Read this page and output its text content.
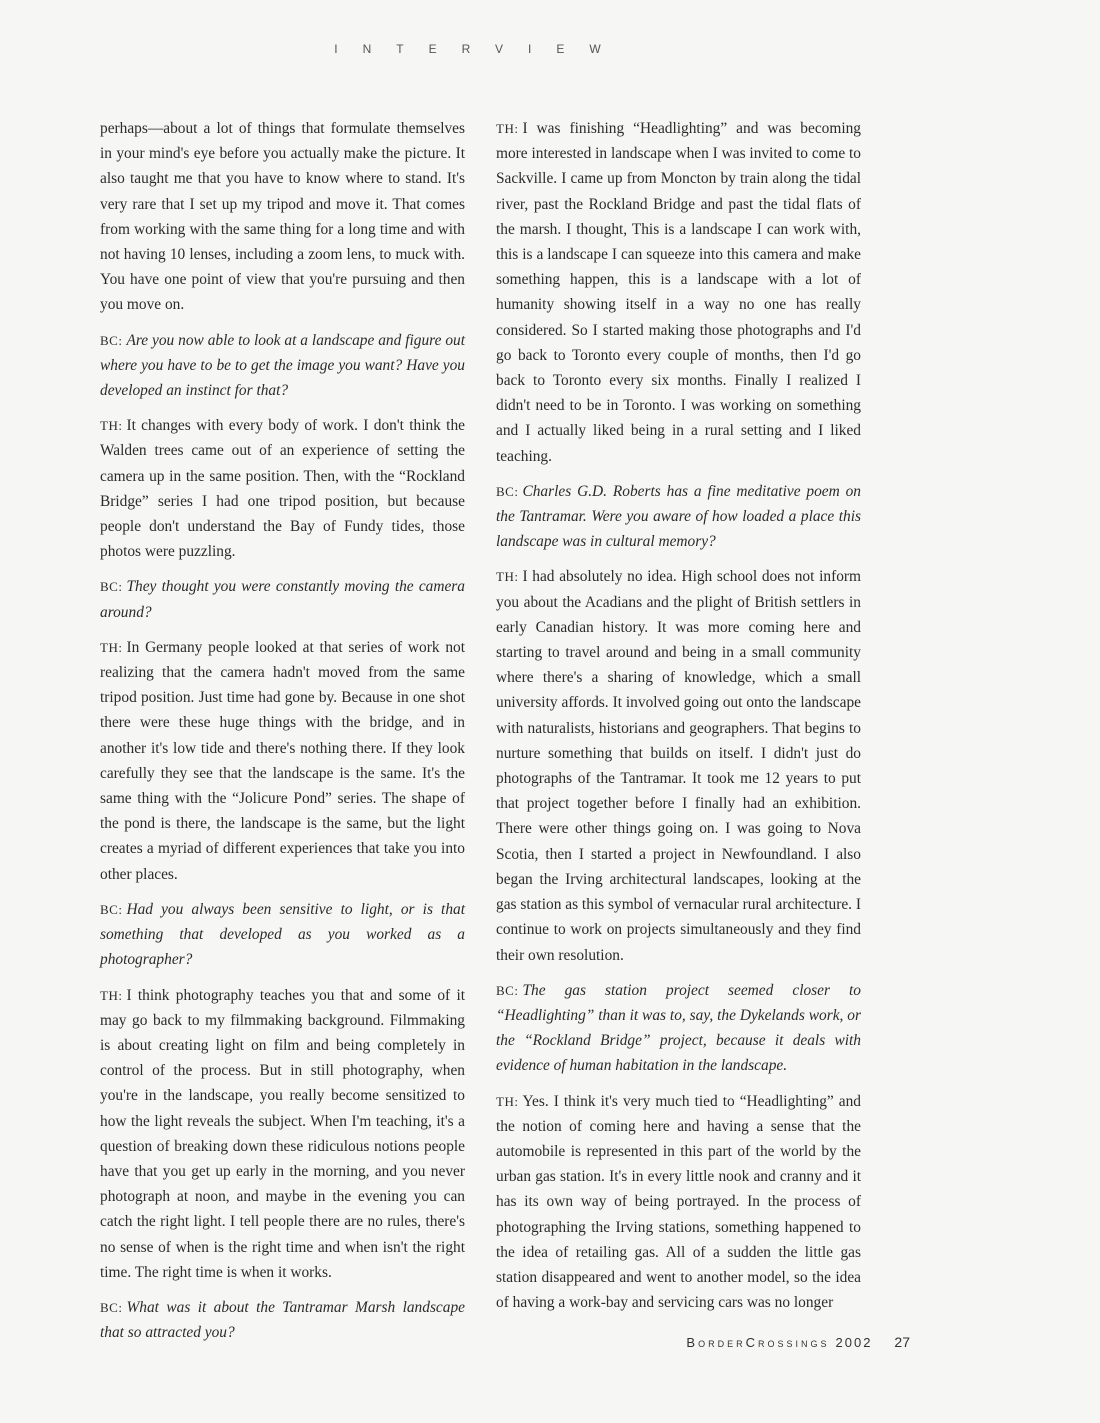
INTERVIEW

perhaps—about a lot of things that formulate themselves in your mind's eye before you actually make the picture. It also taught me that you have to know where to stand. It's very rare that I set up my tripod and move it. That comes from working with the same thing for a long time and with not having 10 lenses, including a zoom lens, to muck with. You have one point of view that you're pursuing and then you move on.

BC: Are you now able to look at a landscape and figure out where you have to be to get the image you want? Have you developed an instinct for that?

TH: It changes with every body of work. I don't think the Walden trees came out of an experience of setting the camera up in the same position. Then, with the “Rockland Bridge” series I had one tripod position, but because people don't understand the Bay of Fundy tides, those photos were puzzling.

BC: They thought you were constantly moving the camera around?

TH: In Germany people looked at that series of work not realizing that the camera hadn't moved from the same tripod position. Just time had gone by. Because in one shot there were these huge things with the bridge, and in another it's low tide and there's nothing there. If they look carefully they see that the landscape is the same. It's the same thing with the “Jolicure Pond” series. The shape of the pond is there, the landscape is the same, but the light creates a myriad of different experiences that take you into other places.

BC: Had you always been sensitive to light, or is that something that developed as you worked as a photographer?

TH: I think photography teaches you that and some of it may go back to my filmmaking background. Filmmaking is about creating light on film and being completely in control of the process. But in still photography, when you're in the landscape, you really become sensitized to how the light reveals the subject. When I'm teaching, it's a question of breaking down these ridiculous notions people have that you get up early in the morning, and you never photograph at noon, and maybe in the evening you can catch the right light. I tell people there are no rules, there's no sense of when is the right time and when isn't the right time. The right time is when it works.

BC: What was it about the Tantramar Marsh landscape that so attracted you?

TH: I was finishing “Headlighting” and was becoming more interested in landscape when I was invited to come to Sackville. I came up from Moncton by train along the tidal river, past the Rockland Bridge and past the tidal flats of the marsh. I thought, This is a landscape I can work with, this is a landscape I can squeeze into this camera and make something happen, this is a landscape with a lot of humanity showing itself in a way no one has really considered. So I started making those photographs and I'd go back to Toronto every couple of months, then I'd go back to Toronto every six months. Finally I realized I didn't need to be in Toronto. I was working on something and I actually liked being in a rural setting and I liked teaching.

BC: Charles G.D. Roberts has a fine meditative poem on the Tantramar. Were you aware of how loaded a place this landscape was in cultural memory?

TH: I had absolutely no idea. High school does not inform you about the Acadians and the plight of British settlers in early Canadian history. It was more coming here and starting to travel around and being in a small community where there's a sharing of knowledge, which a small university affords. It involved going out onto the landscape with naturalists, historians and geographers. That begins to nurture something that builds on itself. I didn't just do photographs of the Tantramar. It took me 12 years to put that project together before I finally had an exhibition. There were other things going on. I was going to Nova Scotia, then I started a project in Newfoundland. I also began the Irving architectural landscapes, looking at the gas station as this symbol of vernacular rural architecture. I continue to work on projects simultaneously and they find their own resolution.

BC: The gas station project seemed closer to “Headlighting” than it was to, say, the Dykelands work, or the “Rockland Bridge” project, because it deals with evidence of human habitation in the landscape.

TH: Yes. I think it's very much tied to “Headlighting” and the notion of coming here and having a sense that the automobile is represented in this part of the world by the urban gas station. It's in every little nook and cranny and it has its own way of being portrayed. In the process of photographing the Irving stations, something happened to the idea of retailing gas. All of a sudden the little gas station disappeared and went to another model, so the idea of having a work-bay and servicing cars was no longer

BorderCrossings 2002 27
